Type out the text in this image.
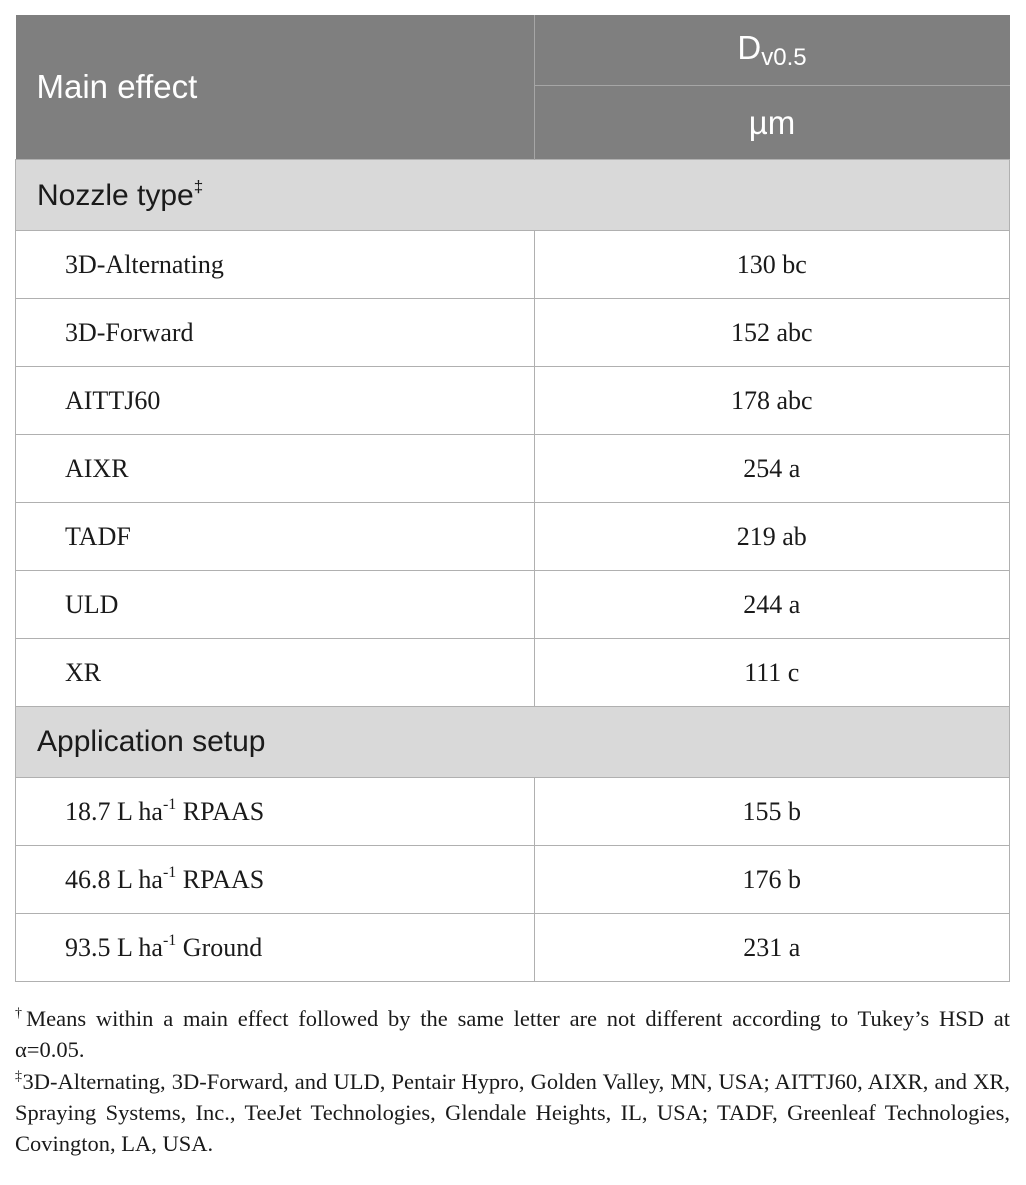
Main effect	Dv0.5
	µm
Nozzle type‡
3D-Alternating	130 bc
3D-Forward	152 abc
AITTJ60	178 abc
AIXR	254 a
TADF	219 ab
ULD	244 a
XR	111 c
Application setup	
18.7 L $ha^{-1}$ RPAAS	155 b
46.8 L $ha^{-1}$ RPAAS	176 b
93.5 L $ha^{-1}$ Ground	231 a
†Means within a main effect followed by the same letter are not different according to Tukey’s HSD at α=0.05.
‡3D-Alternating, 3D-Forward, and ULD, Pentair Hypro, Golden Valley, MN, USA; AITTJ60, AIXR, and XR, Spraying Systems, Inc., TeeJet Technologies, Glendale Heights, IL, USA; TADF, Greenleaf Technologies, Covington, LA, USA.
